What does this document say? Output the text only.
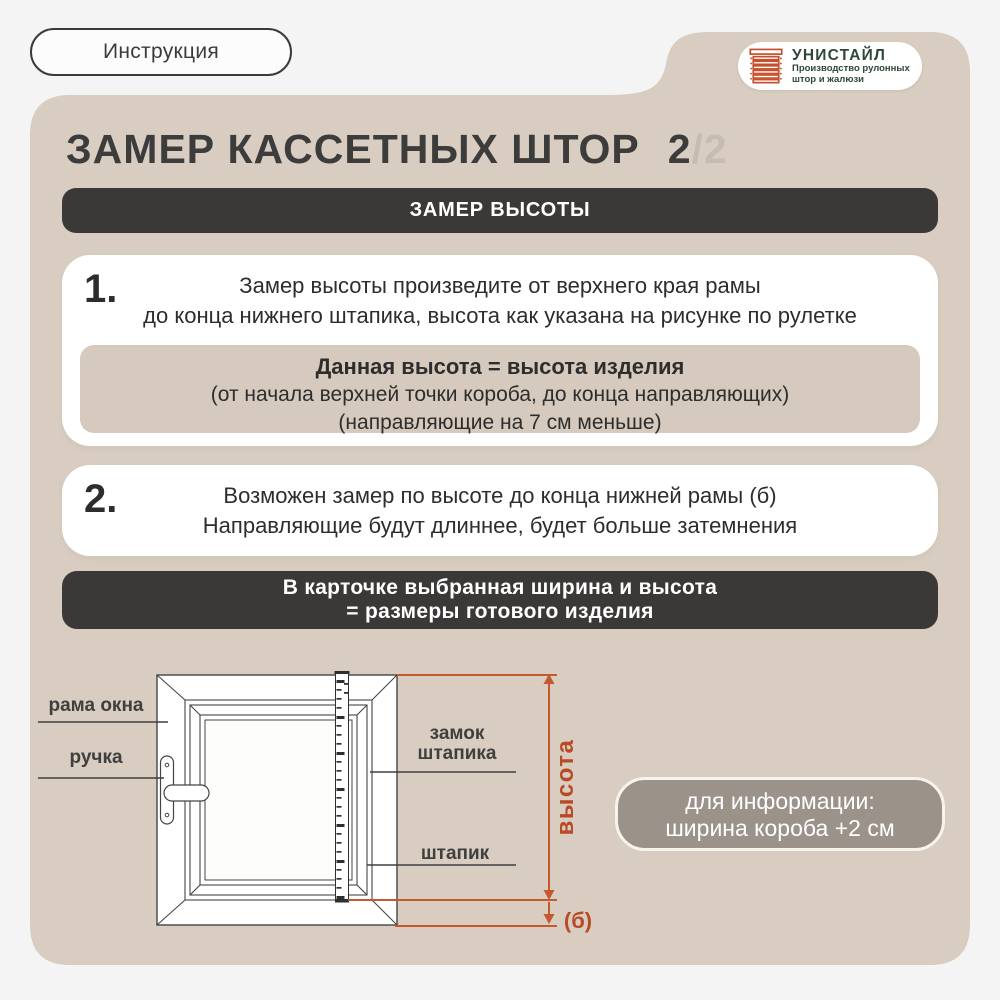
Инструкция	УНИСТАЙЛ
Производство рулонных
штор и жалюзи
ЗАМЕР КАССЕТНЫХ ШТОР 2/2
ЗАМЕР ВЫСОТЫ
1.	Замер высоты произведите от верхнего края рамы
до конца нижнего штапика, высота как указана на рисунке по рулетке
Данная высота = высота изделия
(от начала верхней точки короба, до конца направляющих)
(направляющие на 7 см меньше)
2.	Возможен замер по высоте до конца нижней рамы (б)
Направляющие будут длиннее, будет больше затемнения
В карточке выбранная ширина и высота
= размеры готового изделия
рама окна
ручка
замок
штапика
штапик
высота
(б)
для информации:
ширина короба +2 см
